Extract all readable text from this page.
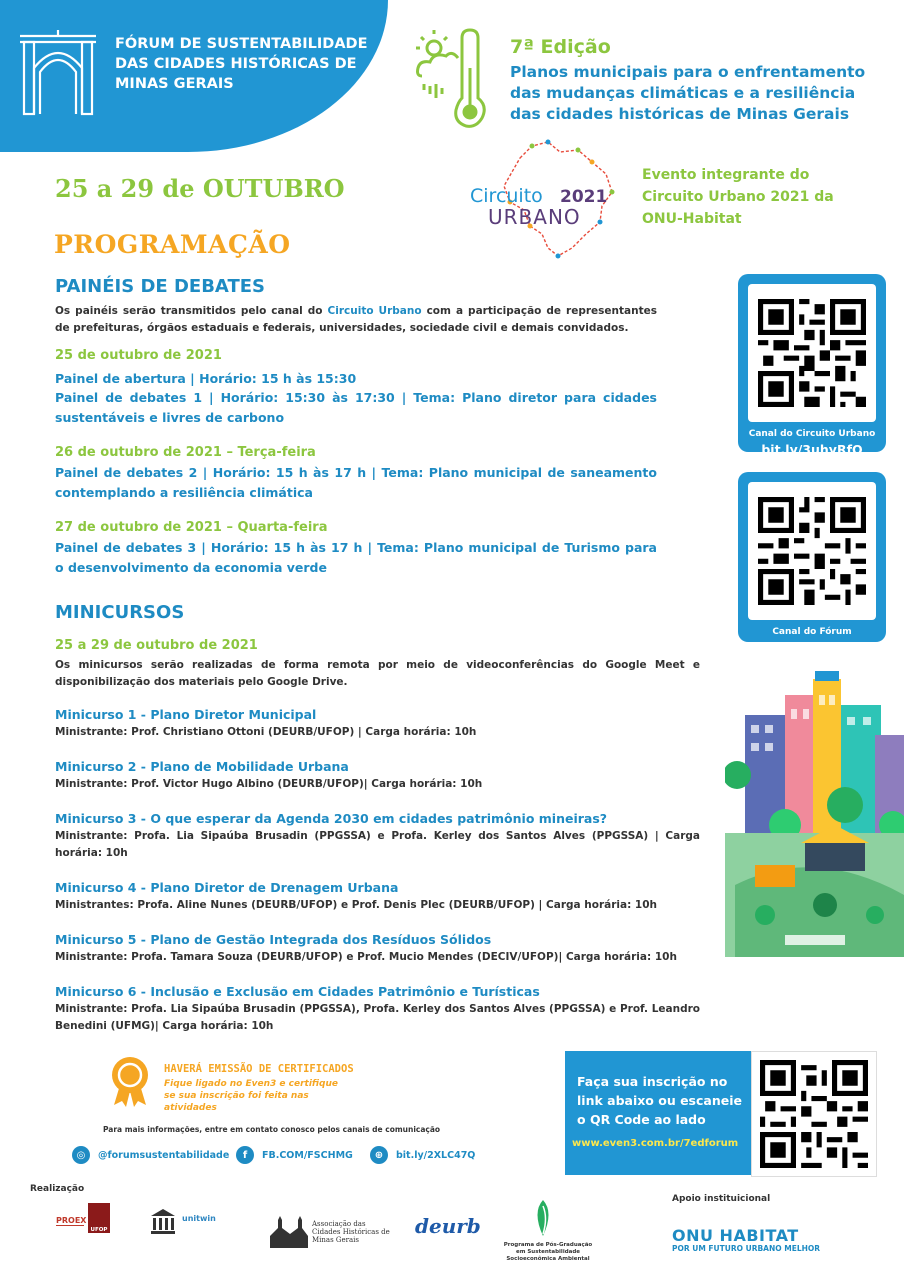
FÓRUM DE SUSTENTABILIDADE DAS CIDADES HISTÓRICAS DE MINAS GERAIS
7ª Edição
Planos municipais para o enfrentamento das mudanças climáticas e a resiliência das cidades históricas de Minas Gerais
25 a 29 de OUTUBRO	Circuito 2021
URBANO
Evento integrante do Circuito Urbano 2021 da ONU-Habitat
PROGRAMAÇÃO
PAINÉIS DE DEBATES
Os painéis serão transmitidos pelo canal do Circuito Urbano com a participação de representantes de prefeituras, órgãos estaduais e federais, universidades, sociedade civil e demais convidados.
25 de outubro de 2021
Painel de abertura | Horário: 15 h às 15:30
Painel de debates 1 | Horário: 15:30 às 17:30 | Tema: Plano diretor para cidades sustentáveis e livres de carbono
26 de outubro de 2021 – Terça-feira
Painel de debates 2 | Horário: 15 h às 17 h | Tema: Plano municipal de saneamento contemplando a resiliência climática
27 de outubro de 2021 – Quarta-feira
Painel de debates 3 | Horário: 15 h às 17 h | Tema: Plano municipal de Turismo para o desenvolvimento da economia verde
MINICURSOS
25 a 29 de outubro de 2021
Os minicursos serão realizadas de forma remota por meio de videoconferências do Google Meet e disponibilização dos materiais pelo Google Drive.
Minicurso 1 - Plano Diretor Municipal
Ministrante: Prof. Christiano Ottoni (DEURB/UFOP) | Carga horária: 10h
Minicurso 2 - Plano de Mobilidade Urbana
Ministrante: Prof. Victor Hugo Albino (DEURB/UFOP)| Carga horária: 10h
Minicurso 3 - O que esperar da Agenda 2030 em cidades patrimônio mineiras?
Ministrante: Profa. Lia Sipaúba Brusadin (PPGSSA) e Profa. Kerley dos Santos Alves (PPGSSA) | Carga horária: 10h
Minicurso 4 - Plano Diretor de Drenagem Urbana
Ministrantes: Profa. Aline Nunes (DEURB/UFOP) e Prof. Denis Plec (DEURB/UFOP) | Carga horária: 10h
Minicurso 5 - Plano de Gestão Integrada dos Resíduos Sólidos
Ministrante: Profa. Tamara Souza (DEURB/UFOP) e Prof. Mucio Mendes (DECIV/UFOP)| Carga horária: 10h
Minicurso 6 - Inclusão e Exclusão em Cidades Patrimônio e Turísticas
Ministrante: Profa. Lia Sipaúba Brusadin (PPGSSA), Profa. Kerley dos Santos Alves (PPGSSA) e Prof. Leandro Benedini (UFMG)| Carga horária: 10h
Canal do Circuito Urbano
bit.ly/3uhyRfQ
Canal do Fórum
bit.ly/35CH5UG
HAVERÁ EMISSÃO DE CERTIFICADOS
Fique ligado no Even3 e certifique se sua inscrição foi feita nas atividades
Para mais informações, entre em contato conosco pelos canais de comunicação
◎	@forumsustentabilidade	f	FB.COM/FSCHMG	⊕	bit.ly/2XLC47Q
Faça sua inscrição no link abaixo ou escaneie o QR Code ao lado
www.even3.com.br/7edforum
Realização
PROEX
UFOP
unitwin
Associação das Cidades Históricas de Minas Gerais
deurb
Programa de Pós-Graduação em Sustentabilidade Socioeconômica Ambiental
Apoio instituicional
ONU HABITAT
POR UM FUTURO URBANO MELHOR
